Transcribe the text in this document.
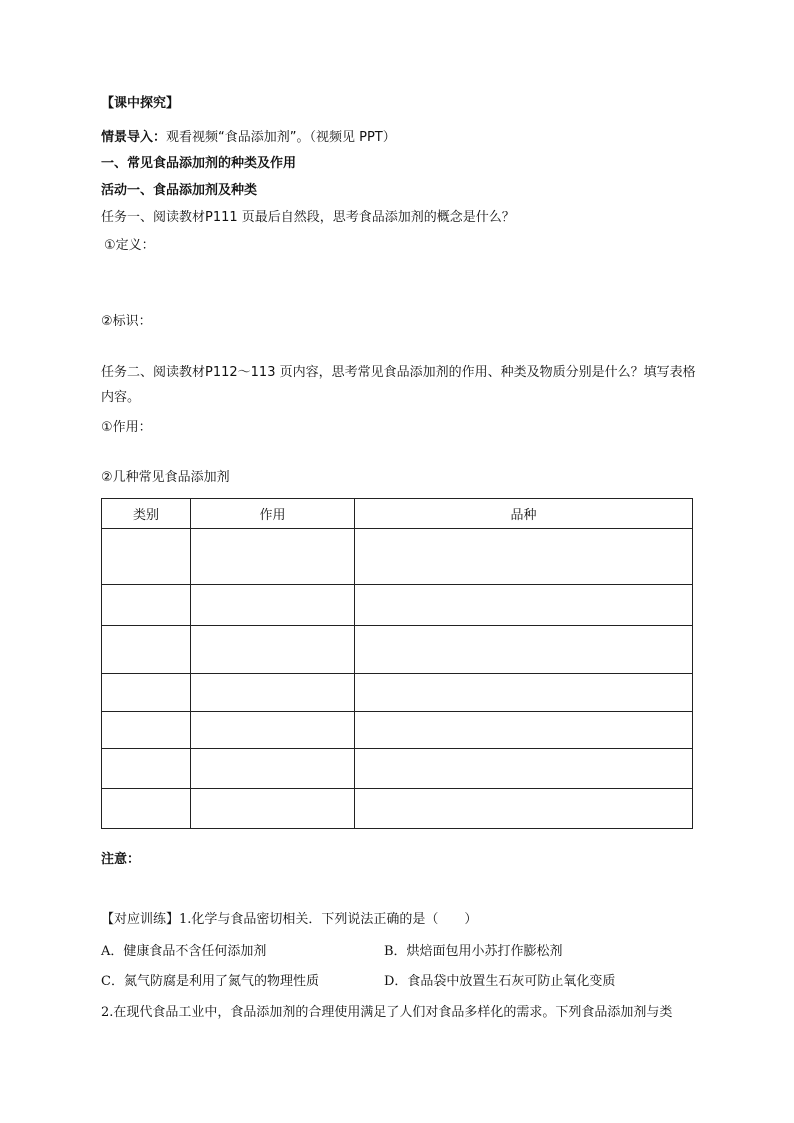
【课中探究】
情景导入：观看视频“食品添加剂”。（视频见 PPT）
一、常见食品添加剂的种类及作用
活动一、食品添加剂及种类
任务一、阅读教材P111 页最后自然段，思考食品添加剂的概念是什么？
①定义：
②标识：
任务二、阅读教材P112～113 页内容，思考常见食品添加剂的作用、种类及物质分别是什么？填写表格
内容。
①作用：
②几种常见食品添加剂
类别	作用	品种

注意：
【对应训练】1.化学与食品密切相关．下列说法正确的是（　　）
A．健康食品不含任何添加剂	B．烘焙面包用小苏打作膨松剂
C．氮气防腐是利用了氮气的物理性质	D．食品袋中放置生石灰可防止氧化变质
2.在现代食品工业中，食品添加剂的合理使用满足了人们对食品多样化的需求。下列食品添加剂与类
